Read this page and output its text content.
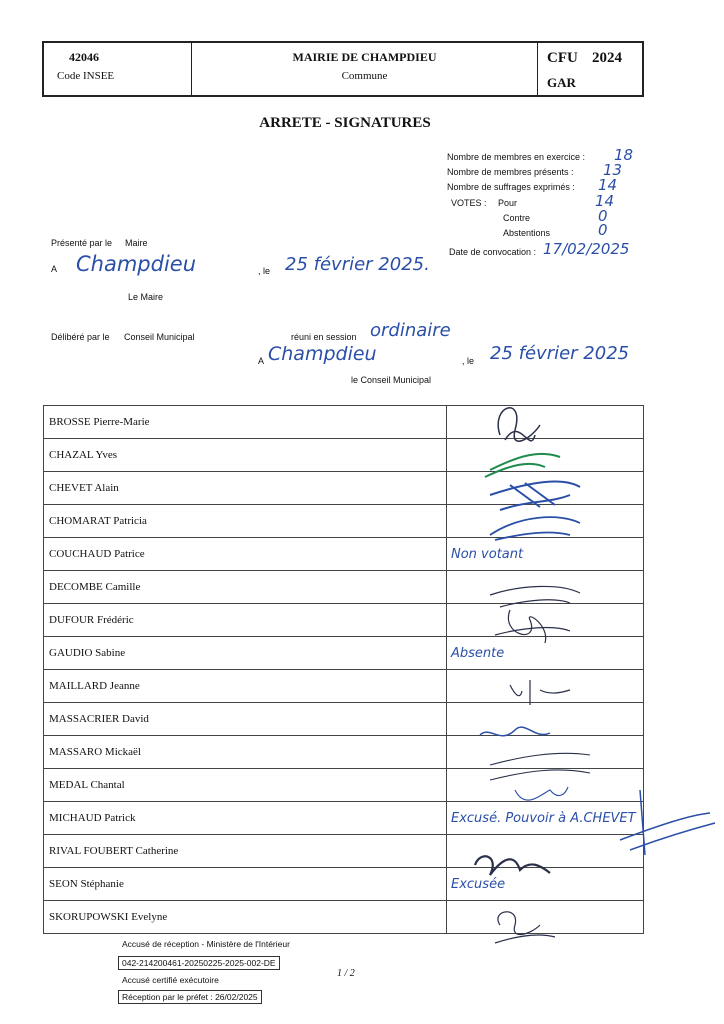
42046
Code INSEE
MAIRIE DE CHAMPDIEU
Commune
CFU 2024
GAR
ARRETE - SIGNATURES
Nombre de membres en exercice : 18
Nombre de membres présents : 13
Nombre de suffrages exprimés : 14
VOTES : Pour	14
Contre	0
Abstentions	0
Date de convocation : 17/02/2025
Présenté par le Maire
A Champdieu	, le 25 février 2025.
Le Maire
Délibéré par le Conseil Municipal	réuni en session ordinaire
A Champdieu	, le 25 février 2025
le Conseil Municipal
BROSSE Pierre-Marie	
CHAZAL Yves	
CHEVET Alain	
CHOMARAT Patricia	
COUCHAUD Patrice	Non votant
DECOMBE Camille	
DUFOUR Frédéric	
GAUDIO Sabine	Absente
MAILLARD Jeanne	
MASSACRIER David	
MASSARO Mickaël	
MEDAL Chantal	
MICHAUD Patrick	Excusé. Pouvoir à A.CHEVET
RIVAL FOUBERT Catherine	
SEON Stéphanie	Excusée
SKORUPOWSKI Evelyne	
Accusé de réception - Ministère de l'Intérieur
042-214200461-20250225-2025-002-DE
Accusé certifié exécutoire
1 / 2
Réception par le préfet : 26/02/2025
